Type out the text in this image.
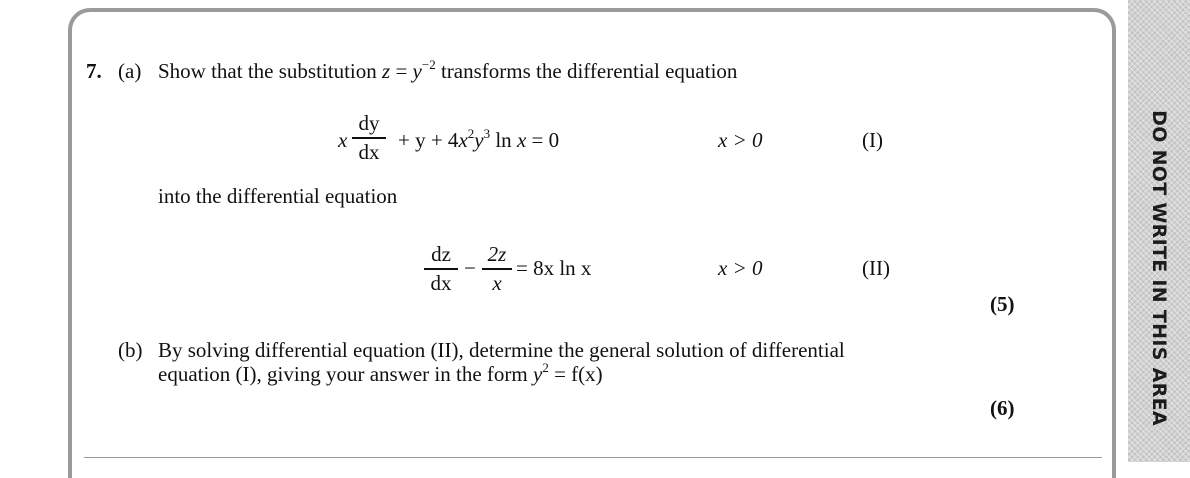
DO NOT WRITE IN THIS AREA
7. (a) Show that the substitution $z = y^{-2}$ transforms the differential equation
x
dy
dx + $y + 4x^2y^3$ ln x = 0	x > 0	(I)
into the differential equation
dz
dx
−
2z
x
= 8x ln x	x > 0	(II)
(5)
(b) By solving differential equation (II), determine the general solution of differential
equation (I), giving your answer in the form $y^2 = f(x)$
(6)
